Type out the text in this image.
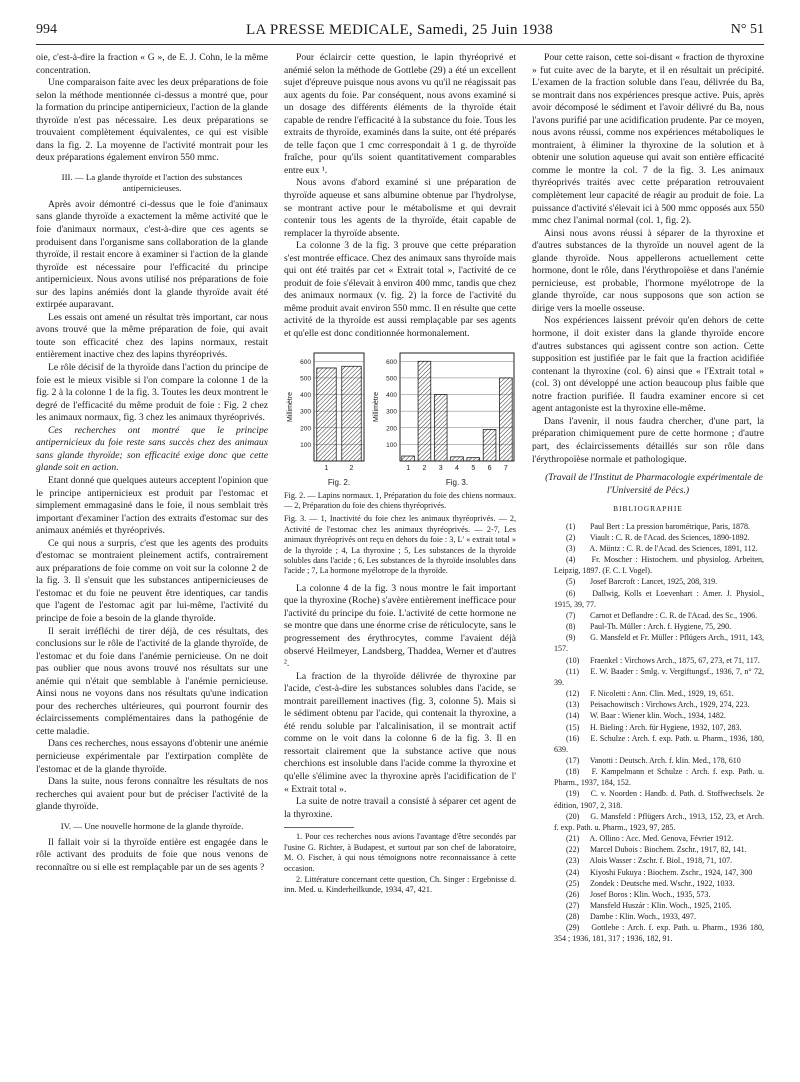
994	LA PRESSE MEDICALE, Samedi, 25 Juin 1938	N° 51

oie, c'est-à-dire la fraction « G », de E. J. Cohn, le la même concentration.

Une comparaison faite avec les deux préparations de foie selon la méthode mentionnée ci-dessus a montré que, pour la formation du principe antipernicieux, l'action de la glande thyroïde n'est pas nécessaire. Les deux préparations se trouvaient complètement équivalentes, ce qui est visible dans la fig. 2. La moyenne de l'activité montrait pour les deux préparations également environ 550 mmc.

III. — La glande thyroïde et l'action des substances antipernicieuses.

Après avoir démontré ci-dessus que le foie d'animaux sans glande thyroïde a exactement la même activité que le foie d'animaux normaux, c'est-à-dire que ces agents se produisent dans l'organisme sans collaboration de la glande thyroïde, il restait encore à examiner si l'action de la glande thyroïde est nécessaire pour l'efficacité du principe antipernicieux. Nous avons utilisé nos préparations de foie sur des lapins anémiés dont la glande thyroïde avait été extirpée auparavant.

Les essais ont amené un résultat très important, car nous avons trouvé que la même préparation de foie, qui avait toute son efficacité chez des lapins normaux, restait entièrement inactive chez des lapins thyréoprivés.

Le rôle décisif de la thyroïde dans l'action du principe de foie est le mieux visible si l'on compare la colonne 1 de la fig. 2 à la colonne 1 de la fig. 3. Toutes les deux montrent le degré de l'efficacité du même produit de foie : Fig. 2 chez les animaux normaux, fig. 3 chez les animaux thyréoprivés.

Ces recherches ont montré que le principe antipernicieux du foie reste sans succès chez des animaux sans glande thyroïde; son efficacité exige donc que cette glande soit en action.

Etant donné que quelques auteurs acceptent l'opinion que le principe antipernicieux est produit par l'estomac et simplement emmagasiné dans le foie, il nous semblait très important d'examiner l'action des extraits d'estomac sur des animaux anémiés et thyréoprivés.

Ce qui nous a surpris, c'est que les agents des produits d'estomac se montraient pleinement actifs, contrairement aux préparations de foie comme on voit sur la colonne 2 de la fig. 3. Il s'ensuit que les substances antipernicieuses de l'estomac et du foie ne peuvent être identiques, car tandis que l'agent de l'estomac agit par lui-même, l'activité du principe de foie a besoin de la glande thyroïde.

Il serait irréfléchi de tirer déjà, de ces résultats, des conclusions sur le rôle de l'activité de la glande thyroïde, de l'estomac et du foie dans l'anémie pernicieuse. On ne doit pas oublier que nous avons trouvé nos résultats sur une anémie qui n'était que semblable à l'anémie pernicieuse. Ainsi nous ne voyons dans nos résultats qu'une indication pour des recherches ultérieures, qui pourront fournir des éclaircissements complémentaires dans la pathogénie de cette maladie.

Dans ces recherches, nous essayons d'obtenir une anémie pernicieuse expérimentale par l'extirpation complète de l'estomac et de la glande thyroïde.

Dans la suite, nous ferons connaître les résultats de nos recherches qui avaient pour but de préciser l'activité de la glande thyroïde.

IV. — Une nouvelle hormone de la glande thyroïde.

Il fallait voir si la thyroïde entière est engagée dans le rôle activant des produits de foie que nous venons de reconnaître ou si elle est remplaçable par un de ses agents ?

Pour éclaircir cette question, le lapin thyréoprivé et anémié selon la méthode de Gottlebe (29) a été un excellent sujet d'épreuve puisque nous avons vu qu'il ne réagissait pas aux agents du foie. Par conséquent, nous avons examiné si un dosage des différents éléments de la thyroïde était capable de rendre l'efficacité à la substance du foie. Tous les extraits de thyroïde, examinés dans la suite, ont été préparés de telle façon que 1 cmc correspondait à 1 g. de thyroïde fraîche, pour qu'ils soient quantitativement comparables entre eux ¹.

Nous avons d'abord examiné si une préparation de thyroïde aqueuse et sans albumine obtenue par l'hydrolyse, se montrant active pour le métabolisme et qui devrait contenir tous les agents de la thyroïde, était capable de remplacer la thyroïde absente.

La colonne 3 de la fig. 3 prouve que cette préparation s'est montrée efficace. Chez des animaux sans thyroïde mais qui ont été traités par cet « Extrait total », l'activité de ce produit de foie s'élevait à environ 400 mmc, tandis que chez des animaux normaux (v. fig. 2) la force de l'activité du même produit avait environ 550 mmc. Il en résulte que cette activité de la thyroïde est aussi remplaçable par ses agents et qu'elle est donc conditionnée hormonalement.

100
200
300
400
500
600
Millimètre
1	2
Fig. 2.
100
200
300
400
500
600
Millimètre
1 2 3 4 5 6 7
Fig. 3.
Fig. 2. — Lapins normaux. 1, Préparation du foie des chiens normaux. — 2, Préparation du foie des chiens thyréoprivés.
Fig. 3. — 1, Inactivité du foie chez les animaux thyréoprivés. — 2, Activité de l'estomac chez les animaux thyréoprivés. — 2-7, Les animaux thyréoprivés ont reçu en dehors du foie : 3, L' « extrait total » de la thyroïde ; 4, La thyroxine ; 5, Les substances de la thyroïde solubles dans l'acide ; 6, Les substances de la thyroïde insolubles dans l'acide ; 7, La hormone myélotrope de la thyroïde.

La colonne 4 de la fig. 3 nous montre le fait important que la thyroxine (Roche) s'avère entièrement inefficace pour l'activité du principe du foie. L'activité de cette hormone ne se montre que dans une énorme crise de réticulocyte, sans le progressement des érythrocytes, comme l'avaient déjà observé Heilmeyer, Landsberg, Thaddea, Werner et d'autres ².

La fraction de la thyroïde délivrée de thyroxine par l'acide, c'est-à-dire les substances solubles dans l'acide, se montrait pareillement inactives (fig. 3, colonne 5). Mais si le sédiment obtenu par l'acide, qui contenait la thyroxine, a été rendu soluble par l'alcalinisation, il se montrait actif comme on le voit dans la colonne 6 de la fig. 3. Il en ressortait clairement que la substance active que nous cherchions est insoluble dans l'acide comme la thyroxine et qu'elle s'élimine avec la thyroxine après l'acidification de l' « Extrait total ».

La suite de notre travail a consisté à séparer cet agent de la thyroxine.

1. Pour ces recherches nous avions l'avantage d'être secondés par l'usine G. Richter, à Budapest, et surtout par son chef de laboratoire, M. O. Fischer, à qui nous témoignons notre reconnaissance à cette occasion.

2. Littérature concernant cette question, Ch. Singer : Ergebnisse d. inn. Med. u. Kinderheilkunde, 1934, 47, 421.

Pour cette raison, cette soi-disant « fraction de thyroxine » fut cuite avec de la baryte, et il en résultait un précipité. L'examen de la fraction soluble dans l'eau, délivrée du Ba, se montrait dans nos expériences presque active. Puis, après avoir décomposé le sédiment et l'avoir délivré du Ba, nous l'avons purifié par une acidification prudente. Par ce moyen, nous avons réussi, comme nos expériences métaboliques le montraient, à éliminer la thyroxine de la solution et à obtenir une solution aqueuse qui avait son entière efficacité comme le montre la col. 7 de la fig. 3. Les animaux thyréoprivés traités avec cette préparation retrouvaient complètement leur capacité de réagir au produit de foie. La puissance d'activité s'élevait ici à 500 mmc opposés aux 550 mmc chez l'animal normal (col. 1, fig. 2).

Ainsi nous avons réussi à séparer de la thyroxine et d'autres substances de la thyroïde un nouvel agent de la glande thyroïde. Nous appellerons actuellement cette hormone, dont le rôle, dans l'érythropoïèse et dans l'anémie pernicieuse, est probable, l'hormone myélotrope de la glande thyroïde, car nous supposons que son action se dirige vers la moelle osseuse.

Nos expériences laissent prévoir qu'en dehors de cette hormone, il doit exister dans la glande thyroïde encore d'autres substances qui agissent contre son action. Cette supposition est justifiée par le fait que la fraction acidifiée contenant la thyroxine (col. 6) ainsi que « l'Extrait total » (col. 3) ont développé une action beaucoup plus faible que notre fraction purifiée. Il faudra examiner encore si cet agent antagoniste est la thyroxine elle-même.

Dans l'avenir, il nous faudra chercher, d'une part, la préparation chimiquement pure de cette hormone ; d'autre part, des éclaircissements détaillés sur son rôle dans l'érythropoïèse normale et pathologique.

(Travail de l'Institut de Pharmacologie expérimentale de l'Université de Pécs.)

BIBLIOGRAPHIE

(1) Paul Bert : La pression barométrique, Paris, 1878.

(2) Viault : C. R. de l'Acad. des Sciences, 1890-1892.

(3) A. Müntz : C. R. de l'Acad. des Sciences, 1891, 112.

(4) Fr. Moscher : Histochem. und physiolog. Arbeiten, Leipzig, 1897. (F. C. I. Vogel).

(5) Josef Barcroft : Lancet, 1925, 208, 319.

(6) Dallwig, Kolls et Loevenhart : Amer. J. Physiol., 1915, 39, 77.

(7) Carnot et Deflandre : C. R. de l'Acad. des Sc., 1906.

(8) Paul-Th. Müller : Arch. f. Hygiene, 75, 290.

(9) G. Mansfeld et Fr. Müller : Pflügers Arch., 1911, 143, 157.

(10) Fraenkel : Virchows Arch., 1875, 67, 273, et 71, 117.

(11) E. W. Baader : Smlg. v. Vergiftungsf., 1936, 7, n° 72, 39.

(12) F. Nicoletti : Ann. Clin. Med., 1929, 19, 651.

(13) Peisachowitsch : Virchows Arch., 1929, 274, 223.

(14) W. Baar : Wiener klin. Woch., 1934, 1482.

(15) H. Bieling : Arch. für Hygiene, 1932, 107, 283.

(16) E. Schulze : Arch. f. exp. Path. u. Pharm., 1936, 180, 639.

(17) Vanotti : Deutsch. Arch. f. klin. Med., 178, 610

(18) F. Kampelmann et Schulze : Arch. f. exp. Path. u. Pharm., 1937, 184, 152.

(19) C. v. Noorden : Handb. d. Path. d. Stoffwechsels. 2e édition, 1907, 2, 318.

(20) G. Mansfeld : Pflügers Arch., 1913, 152, 23, et Arch. f. exp. Path. u. Pharm., 1923, 97, 285.

(21) A. Ollino : Acc. Med. Genova, Février 1912.

(22) Marcel Dubois : Biochem. Zschr., 1917, 82, 141.

(23) Alois Wasser : Zschr. f. Biol., 1918, 71, 107.

(24) Kiyoshi Fukuya : Biochem. Zschr., 1924, 147, 300

(25) Zondek : Deutsche med. Wschr., 1922, 1033.

(26) Josef Boros : Klin. Woch., 1935, 573.

(27) Mansfeld Huszár : Klin. Woch., 1925, 2105.

(28) Dambe : Klin. Woch., 1933, 497.

(29) Gottlebe : Arch. f. exp. Path. u. Pharm., 1936 180, 354 ; 1936, 181, 317 ; 1936, 182, 91.
